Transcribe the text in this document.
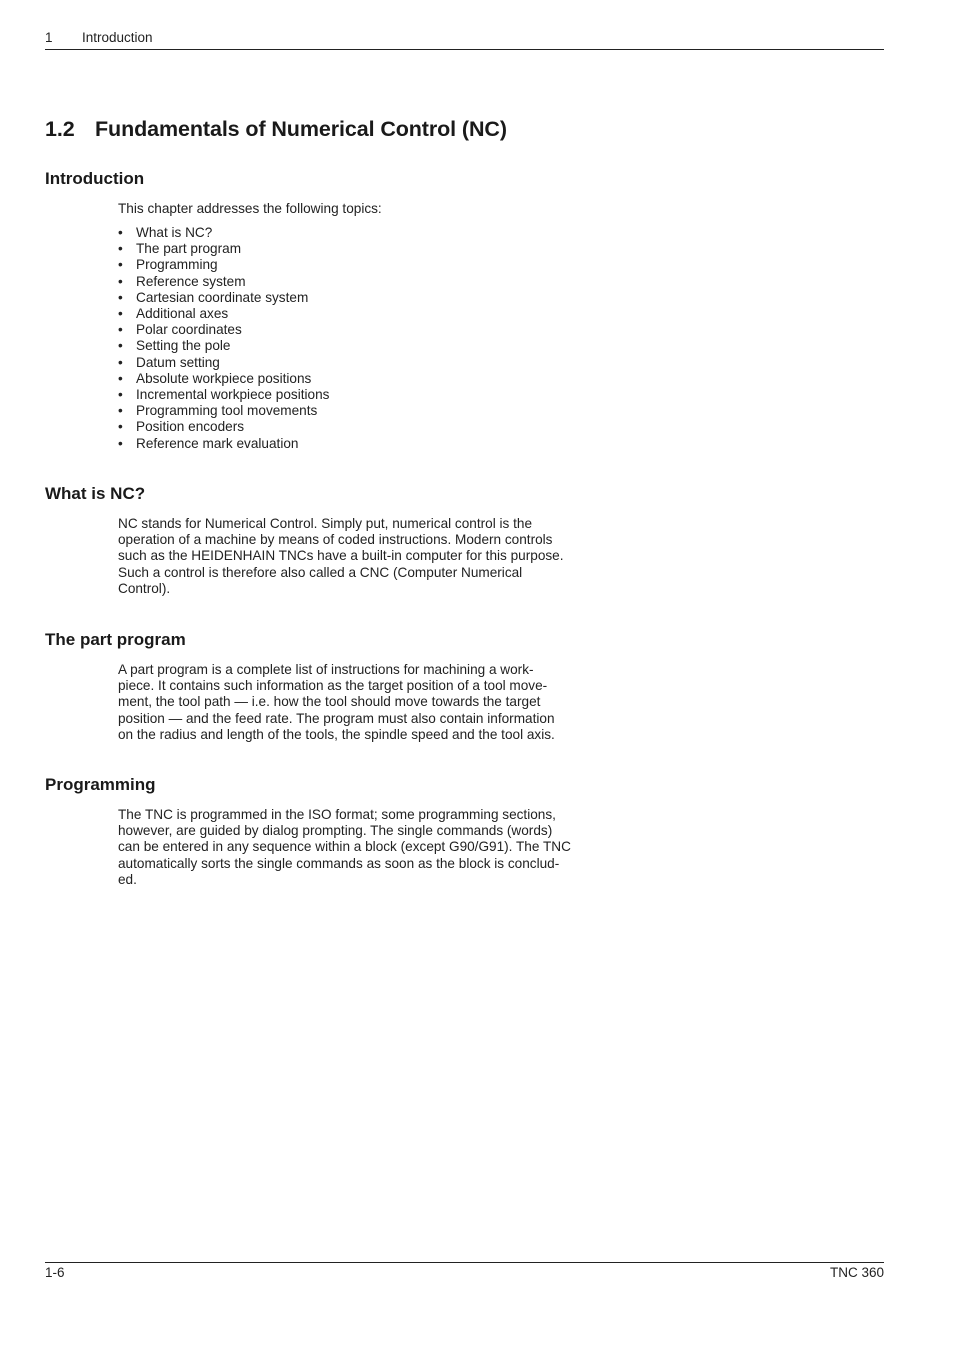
1 Introduction
1.2 Fundamentals of Numerical Control (NC)
Introduction

This chapter addresses the following topics:

• What is NC?
• The part program
• Programming
• Reference system
• Cartesian coordinate system
• Additional axes
• Polar coordinates
• Setting the pole
• Datum setting
• Absolute workpiece positions
• Incremental workpiece positions
• Programming tool movements
• Position encoders
• Reference mark evaluation
What is NC?

NC stands for Numerical Control. Simply put, numerical control is the
operation of a machine by means of coded instructions. Modern controls
such as the HEIDENHAIN TNCs have a built-in computer for this purpose.
Such a control is therefore also called a CNC (Computer Numerical
Control).

The part program

A part program is a complete list of instructions for machining a work-
piece. It contains such information as the target position of a tool move-
ment, the tool path — i.e. how the tool should move towards the target
position — and the feed rate. The program must also contain information
on the radius and length of the tools, the spindle speed and the tool axis.

Programming

The TNC is programmed in the ISO format; some programming sections,
however, are guided by dialog prompting. The single commands (words)
can be entered in any sequence within a block (except G90/G91). The TNC
automatically sorts the single commands as soon as the block is conclud-
ed.

1-6	TNC 360
